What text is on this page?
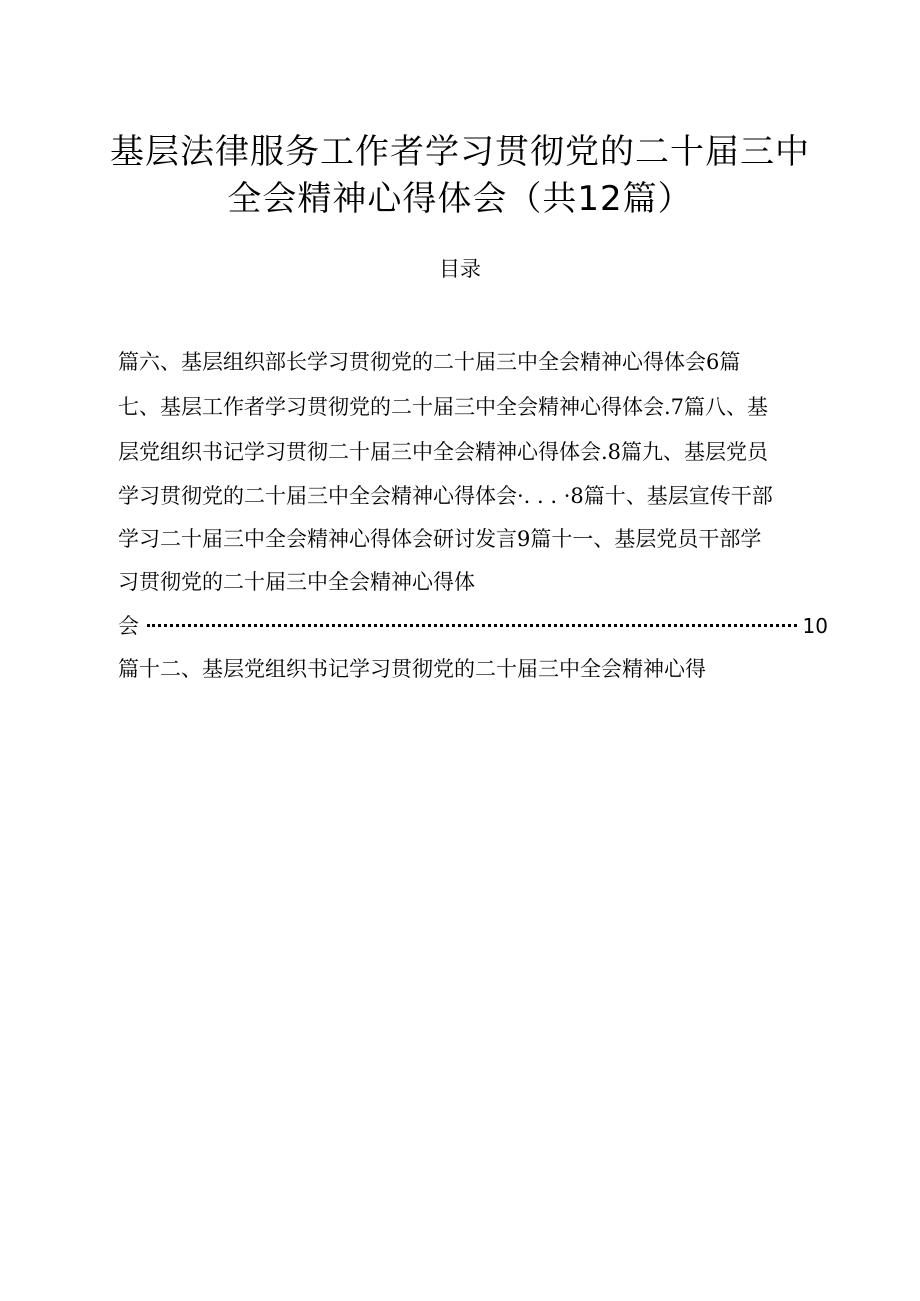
基层法律服务工作者学习贯彻党的二十届三中
全会精神心得体会（共12篇）
目录
篇六、基层组织部长学习贯彻党的二十届三中全会精神心得体会6篇
七、基层工作者学习贯彻党的二十届三中全会精神心得体会.7篇八、基
层党组织书记学习贯彻二十届三中全会精神心得体会.8篇九、基层党员
学习贯彻党的二十届三中全会精神心得体会·. . . ·8篇十、基层宣传干部
学习二十届三中全会精神心得体会研讨发言9篇十一、基层党员干部学
习贯彻党的二十届三中全会精神心得体
会	10
篇十二、基层党组织书记学习贯彻党的二十届三中全会精神心得
